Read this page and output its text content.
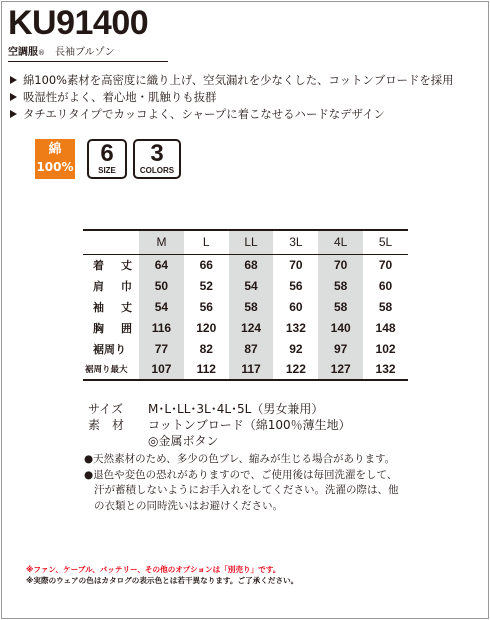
KU91400
空調服® 長袖ブルゾン
綿100%素材を高密度に織り上げ、空気漏れを少なくした、コットンブロードを採用
吸湿性がよく、着心地・肌触りも抜群
タチエリタイプでカッコよく、シャープに着こなせるハードなデザイン
綿
100%	6
SIZE
3
COLORS
	M	L	LL	3L	4L	5L
着　丈	64	66	68	70	70	70
肩　巾	50	52	54	56	58	60
袖　丈	54	56	58	60	58	58
胸　囲	116	120	124	132	140	148
裾周り	77	82	87	92	97	102
裾周り最大	107	112	117	122	127	132
サイズ	M･L･LL･3L･4L･5L（男女兼用）
素　材	コットンブロード（綿100％薄生地）
◎金属ボタン
●天然素材のため、多少の色ブレ、縮みが生じる場合があります。
●退色や変色の恐れがありますので、ご使用後は毎回洗濯をして、
汗が蓄積しないようにお手入れをしてください。洗濯の際は、他
の衣類との同時洗いはお避けください。
※ファン、ケーブル、バッテリー、その他のオプションは「別売り」です。
※実際のウェアの色はカタログの表示色とは若干異なります。ご了承ください。
